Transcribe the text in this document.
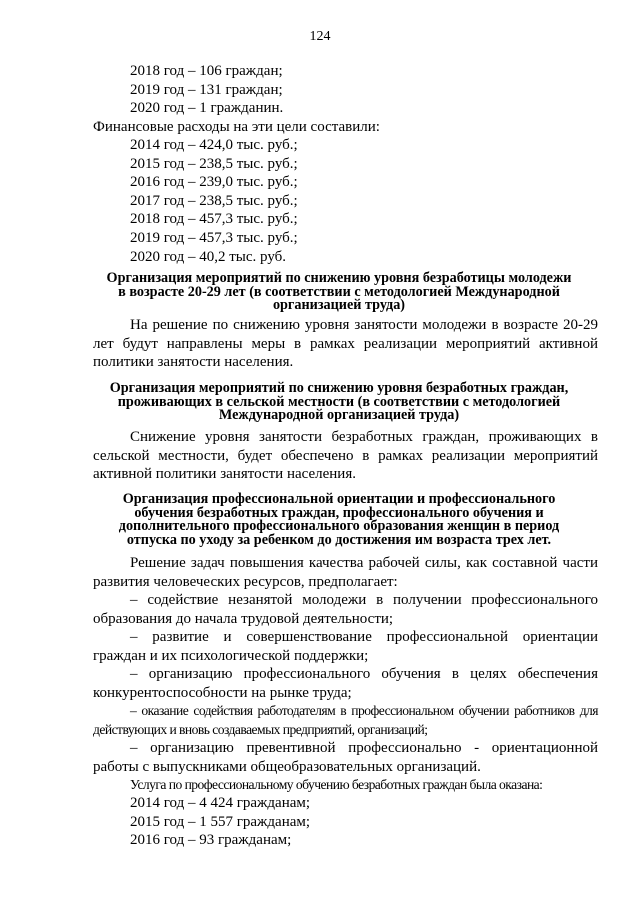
124
2018 год – 106 граждан;
2019 год – 131 граждан;
2020 год – 1 гражданин.
Финансовые расходы на эти цели составили:
2014 год – 424,0 тыс. руб.;
2015 год – 238,5 тыс. руб.;
2016 год – 239,0 тыс. руб.;
2017 год – 238,5 тыс. руб.;
2018 год – 457,3 тыс. руб.;
2019 год – 457,3 тыс. руб.;
2020 год – 40,2 тыс. руб.
Организация мероприятий по снижению уровня безработицы молодежи
в возрасте 20-29 лет (в соответствии с методологией Международной
организацией труда)
На решение по снижению уровня занятости молодежи в возрасте 20-29 лет будут направлены меры в рамках реализации мероприятий активной политики занятости населения.
Организация мероприятий по снижению уровня безработных граждан,
проживающих в сельской местности (в соответствии с методологией
Международной организацией труда)
Снижение уровня занятости безработных граждан, проживающих в сельской местности, будет обеспечено в рамках реализации мероприятий активной политики занятости населения.
Организация профессиональной ориентации и профессионального
обучения безработных граждан, профессионального обучения и
дополнительного профессионального образования женщин в период
отпуска по уходу за ребенком до достижения им возраста трех лет.
Решение задач повышения качества рабочей силы, как составной части развития человеческих ресурсов, предполагает:
– содействие незанятой молодежи в получении профессионального образования до начала трудовой деятельности;
– развитие и совершенствование профессиональной ориентации граждан и их психологической поддержки;
– организацию профессионального обучения в целях обеспечения конкурентоспособности на рынке труда;
– оказание содействия работодателям в профессиональном обучении работников для действующих и вновь создаваемых предприятий, организаций;
– организацию превентивной профессионально - ориентационной работы с выпускниками общеобразовательных организаций.
Услуга по профессиональному обучению безработных граждан была оказана:
2014 год – 4 424 гражданам;
2015 год – 1 557 гражданам;
2016 год – 93 гражданам;
